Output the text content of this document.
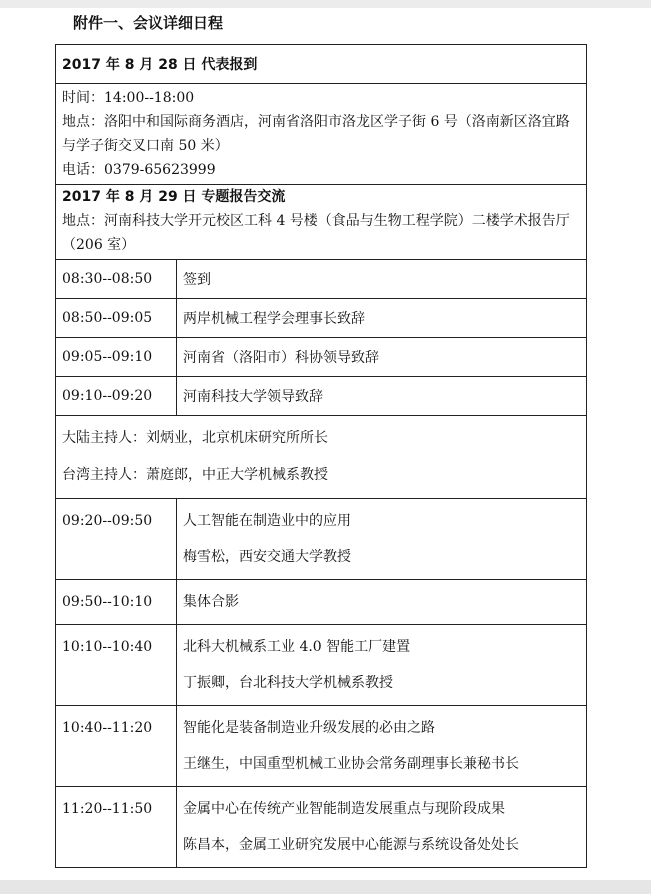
附件一、会议详细日程
2017 年 8 月 28 日 代表报到	

时间：14:00--18:00
地点：洛阳中和国际商务酒店，河南省洛阳市洛龙区学子街 6 号（洛南新区洛宜路与学子街交叉口南 50 米）
电话：0379-65623999	

2017 年 8 月 29 日 专题报告交流
地点：河南科技大学开元校区工科 4 号楼（食品与生物工程学院）二楼学术报告厅（206 室）	

08:30--08:50	签到
08:50--09:05	两岸机械工程学会理事长致辞
09:05--09:10	河南省（洛阳市）科协领导致辞
09:10--09:20	河南科技大学领导致辞

大陆主持人：刘炳业，北京机床研究所所长
台湾主持人：萧庭郎，中正大学机械系教授	

09:20--09:50	人工智能在制造业中的应用
梅雪松，西安交通大学教授

09:50--10:10	集体合影

10:10--10:40	北科大机械系工业 4.0 智能工厂建置
丁振卿，台北科技大学机械系教授

10:40--11:20	智能化是装备制造业升级发展的必由之路
王继生，中国重型机械工业协会常务副理事长兼秘书长

11:20--11:50	金属中心在传统产业智能制造发展重点与现阶段成果
陈昌本，金属工业研究发展中心能源与系统设备处处长
